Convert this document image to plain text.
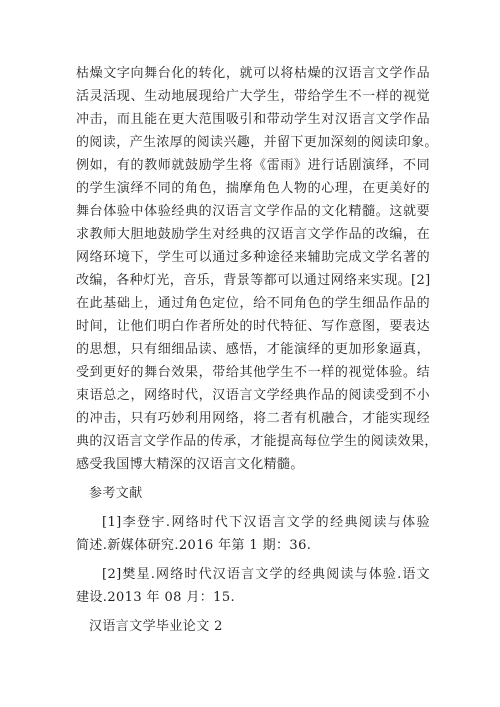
枯燥文字向舞台化的转化，就可以将枯燥的汉语言文学作品
活灵活现、生动地展现给广大学生，带给学生不一样的视觉
冲击，而且能在更大范围吸引和带动学生对汉语言文学作品
的阅读，产生浓厚的阅读兴趣，并留下更加深刻的阅读印象。
例如，有的教师就鼓励学生将《雷雨》进行话剧演绎，不同
的学生演绎不同的角色，揣摩角色人物的心理，在更美好的
舞台体验中体验经典的汉语言文学作品的文化精髓。这就要
求教师大胆地鼓励学生对经典的汉语言文学作品的改编，在
网络环境下，学生可以通过多种途径来辅助完成文学名著的
改编，各种灯光，音乐，背景等都可以通过网络来实现。[2]
在此基础上，通过角色定位，给不同角色的学生细品作品的
时间，让他们明白作者所处的时代特征、写作意图，要表达
的思想，只有细细品读、感悟，才能演绎的更加形象逼真，
受到更好的舞台效果，带给其他学生不一样的视觉体验。结
束语总之，网络时代，汉语言文学经典作品的阅读受到不小
的冲击，只有巧妙利用网络，将二者有机融合，才能实现经
典的汉语言文学作品的传承，才能提高每位学生的阅读效果，
感受我国博大精深的汉语言文化精髓。
参考文献
[1]李登宇.网络时代下汉语言文学的经典阅读与体验
简述.新媒体研究.2016 年第 1 期：36.
[2]樊星.网络时代汉语言文学的经典阅读与体验.语文
建设.2013 年 08 月：15.
汉语言文学毕业论文 2
